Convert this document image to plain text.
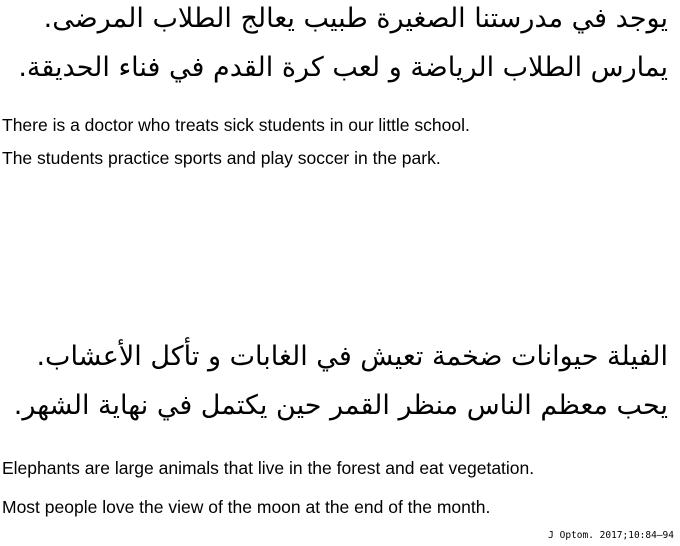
يوجد في مدرستنا الصغيرة طبيب يعالج الطلاب المرضى.
يمارس الطلاب الرياضة و لعب كرة القدم في فناء الحديقة.
There is a doctor who treats sick students in our little school.
The students practice sports and play soccer in the park.
الفيلة حيوانات ضخمة تعيش في الغابات و تأكل الأعشاب.
يحب معظم الناس منظر القمر حين يكتمل في نهاية الشهر.
Elephants are large animals that live in the forest and eat vegetation.
Most people love the view of the moon at the end of the month.
J Optom. 2017;10:84–94
